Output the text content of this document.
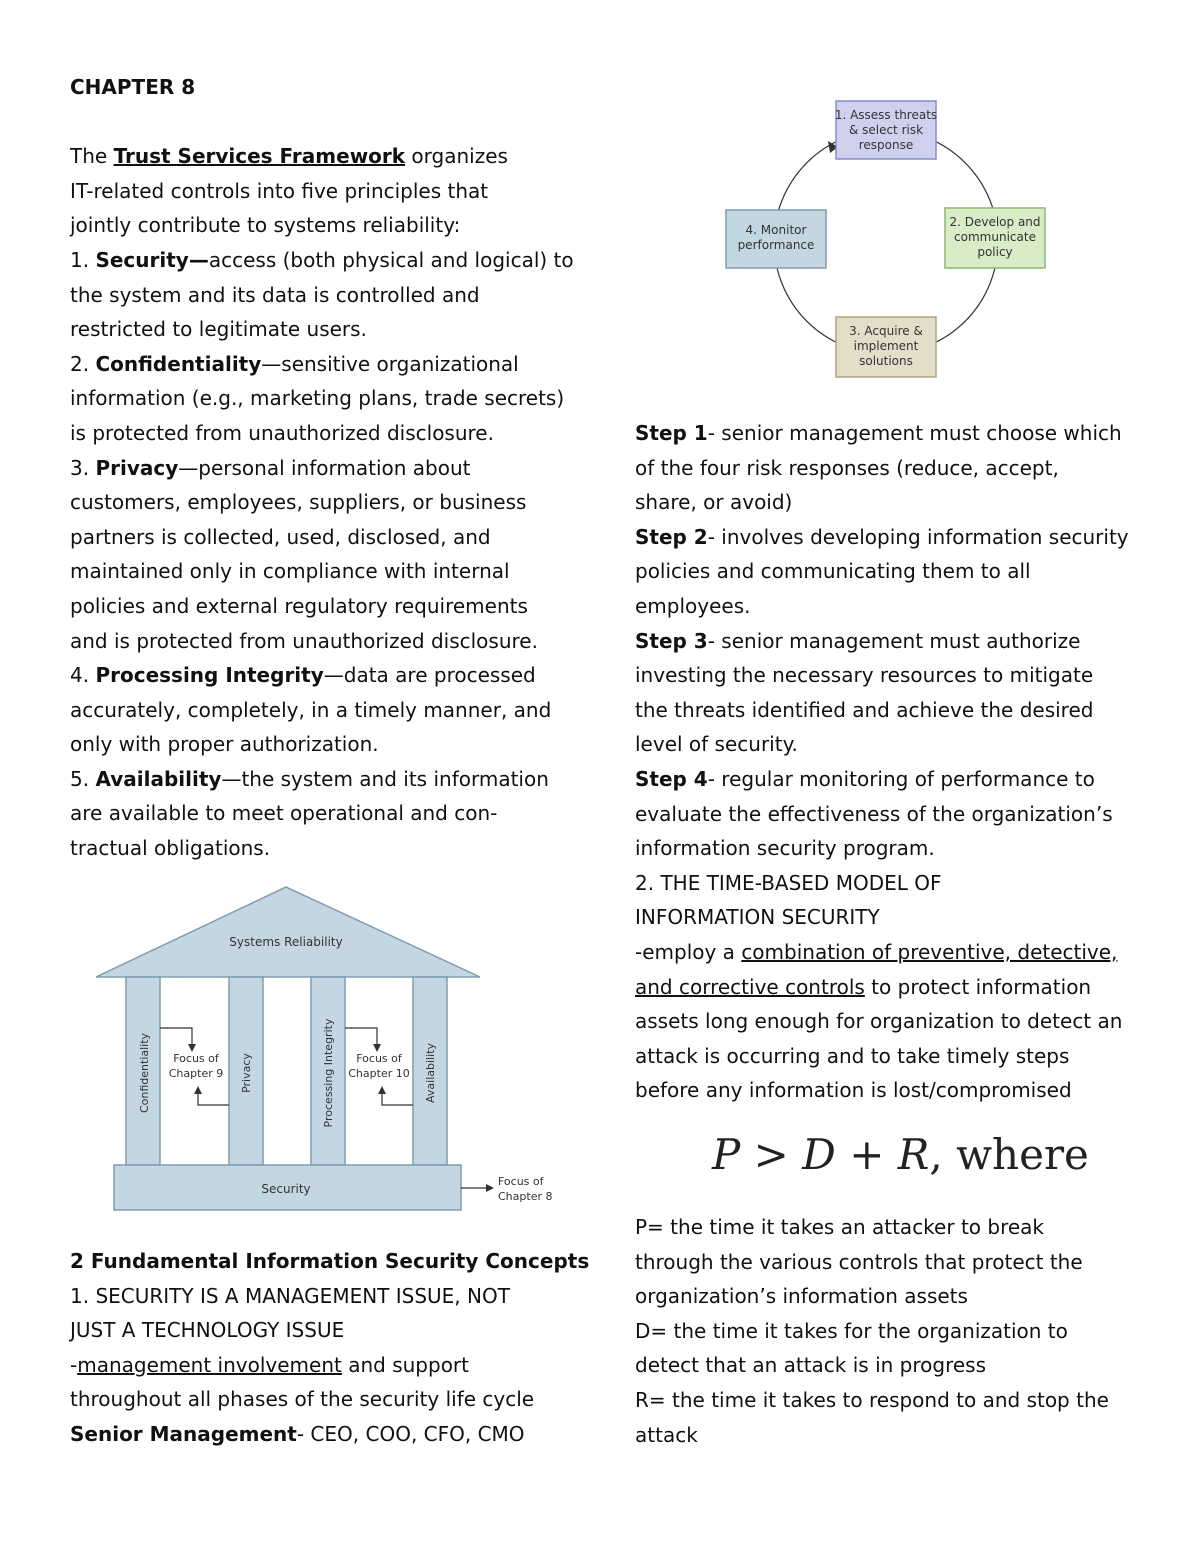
CHAPTER 8

The Trust Services Framework organizes
IT-related controls into five principles that
jointly contribute to systems reliability:
1. Security—access (both physical and logical) to
the system and its data is controlled and
restricted to legitimate users.
2. Confidentiality—sensitive organizational
information (e.g., marketing plans, trade secrets)
is protected from unauthorized disclosure.
3. Privacy—personal information about
customers, employees, suppliers, or business
partners is collected, used, disclosed, and
maintained only in compliance with internal
policies and external regulatory requirements
and is protected from unauthorized disclosure.
4. Processing Integrity—data are processed
accurately, completely, in a timely manner, and
only with proper authorization.
5. Availability—the system and its information
are available to meet operational and con-
tractual obligations.
Systems Reliability
Confidentiality	Privacy	Processing Integrity	Availability
Focus of Chapter 9
Focus of Chapter 10
Security
Focus of Chapter 8
2 Fundamental Information Security Concepts
1. SECURITY IS A MANAGEMENT ISSUE, NOT
JUST A TECHNOLOGY ISSUE
-management involvement and support
throughout all phases of the security life cycle
Senior Management- CEO, COO, CFO, CMO
1. Assess threats & select risk response
2. Develop and communicate policy
3. Acquire & implement solutions
4. Monitor performance
Step 1- senior management must choose which
of the four risk responses (reduce, accept,
share, or avoid)
Step 2- involves developing information security
policies and communicating them to all
employees.
Step 3- senior management must authorize
investing the necessary resources to mitigate
the threats identified and achieve the desired
level of security.
Step 4- regular monitoring of performance to
evaluate the effectiveness of the organization’s
information security program.
2. THE TIME-BASED MODEL OF
INFORMATION SECURITY
-employ a combination of preventive, detective,
and corrective controls to protect information
assets long enough for organization to detect an
attack is occurring and to take timely steps
before any information is lost/compromised
P > D + R, where
P= the time it takes an attacker to break
through the various controls that protect the
organization’s information assets
D= the time it takes for the organization to
detect that an attack is in progress
R= the time it takes to respond to and stop the
attack
